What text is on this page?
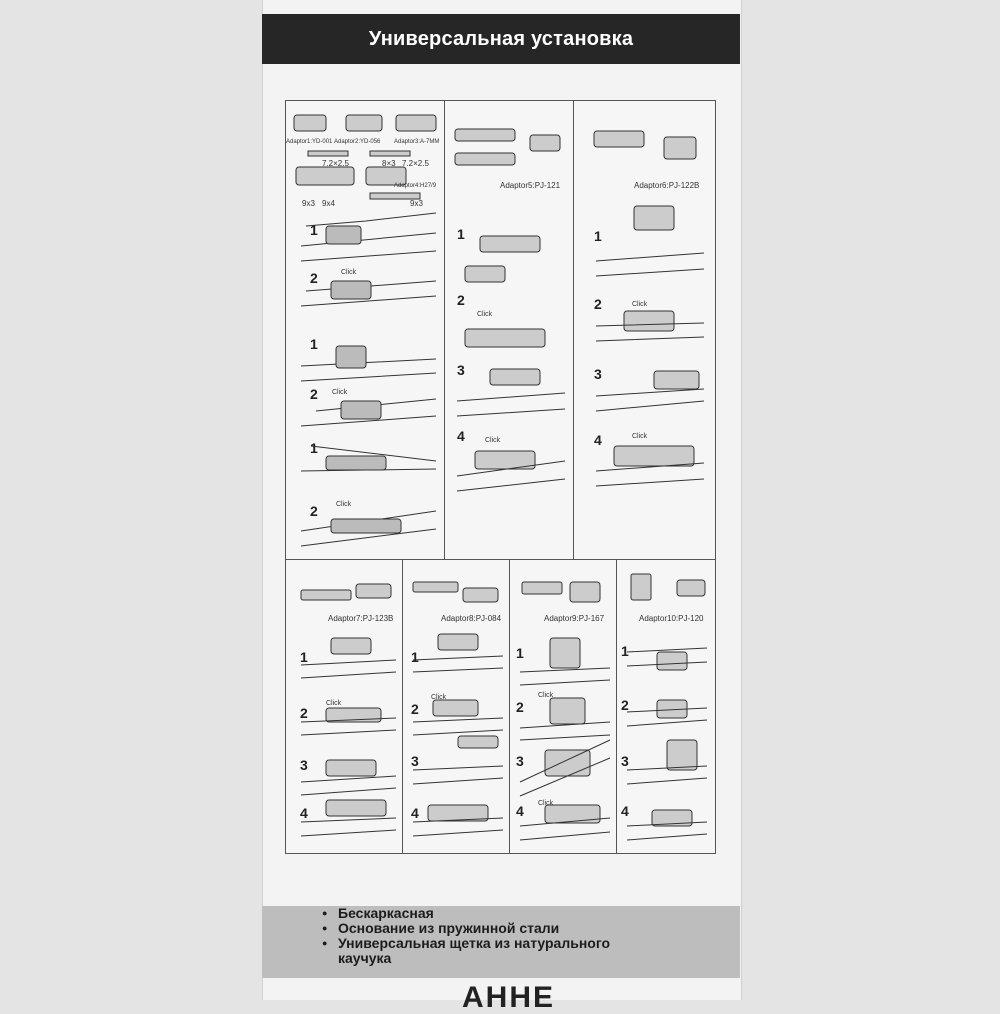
Универсальная установка
Adaptor1:YD-001 Adaptor2:YD-056 Adaptor3:A-7MM
7.2×2.5	8×3 7.2×2.5
Adaptor4:H27/9
9x3 9x4	9x3
1
2	Click
1
2 Click
1
2	Click
Adaptor5:PJ-121
1
2
Click
3
4	Click
Adaptor6:PJ-122B
1
2	Click
3
4	Click
Adaptor7:PJ-123B
1
2
Click
3
4
Adaptor8:PJ-084
1
2
Click
3
4
Adaptor9:PJ-167
1
2
Click
3
4 Click
Adaptor10:PJ-120
1
2
3
4
● Бескаркасная
● Основание из пружинной стали
● Универсальная щетка из натурального
каучука
АННЕ
